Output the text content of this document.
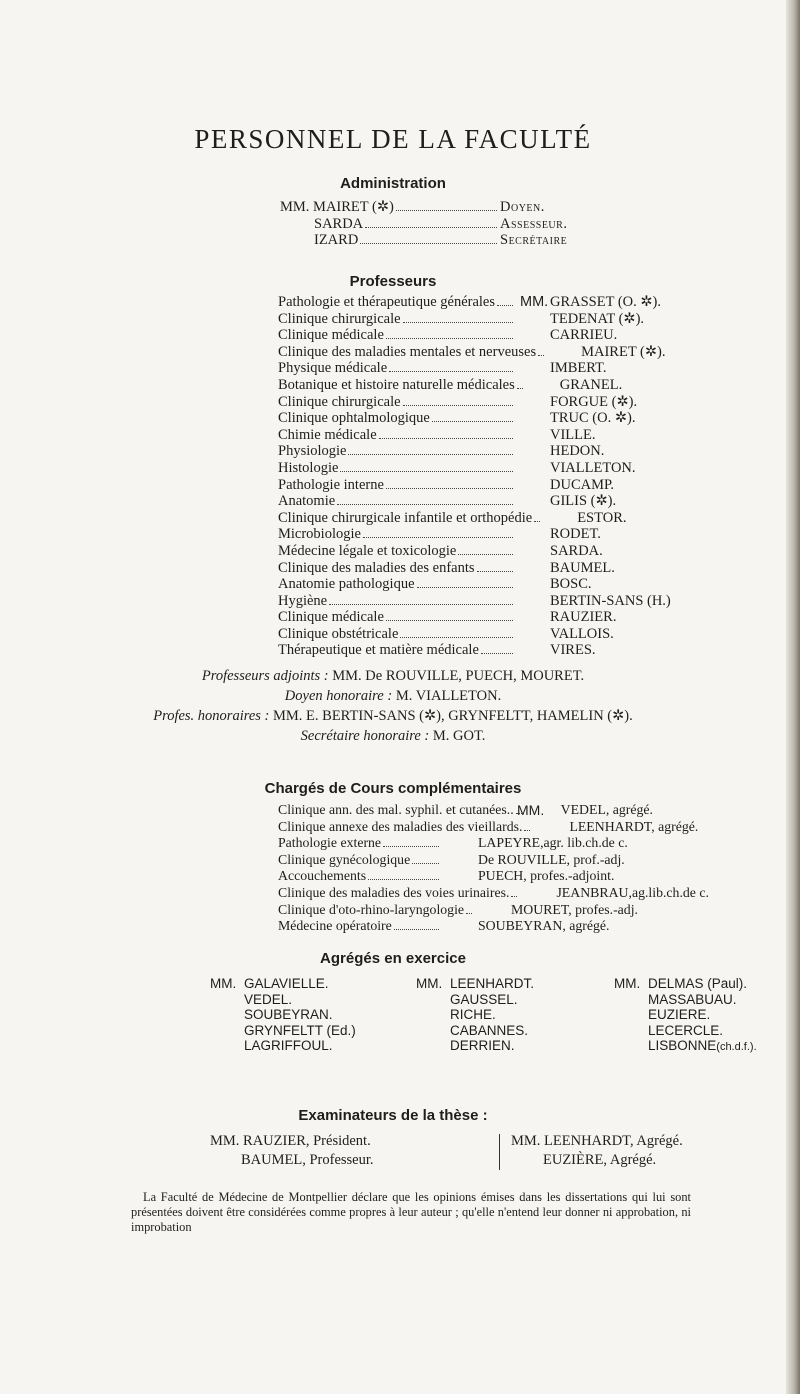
PERSONNEL DE LA FACULTÉ
Administration
MM. MAIRET (✲)	Doyen.
SARDA	Assesseur.
IZARD	Secrétaire
Professeurs
MM.
Pathologie et thérapeutique générales	GRASSET (O. ✲).
Clinique chirurgicale	TEDENAT (✲).
Clinique médicale	CARRIEU.
Clinique des maladies mentales et nerveuses	MAIRET (✲).
Physique médicale	IMBERT.
Botanique et histoire naturelle médicales	GRANEL.
Clinique chirurgicale	FORGUE (✲).
Clinique ophtalmologique	TRUC (O. ✲).
Chimie médicale	VILLE.
Physiologie	HEDON.
Histologie	VIALLETON.
Pathologie interne	DUCAMP.
Anatomie	GILIS (✲).
Clinique chirurgicale infantile et orthopédie	ESTOR.
Microbiologie	RODET.
Médecine légale et toxicologie	SARDA.
Clinique des maladies des enfants	BAUMEL.
Anatomie pathologique	BOSC.
Hygiène	BERTIN-SANS (H.)
Clinique médicale	RAUZIER.
Clinique obstétricale	VALLOIS.
Thérapeutique et matière médicale	VIRES.
Professeurs adjoints : MM. De ROUVILLE, PUECH, MOURET.
Doyen honoraire : M. VIALLETON.
Profes. honoraires : MM. E. BERTIN-SANS (✲), GRYNFELTT, HAMELIN (✲).
Secrétaire honoraire : M. GOT.
Chargés de Cours complémentaires
MM.
Clinique ann. des mal. syphil. et cutanées..	VEDEL, agrégé.
Clinique annexe des maladies des vieillards.	LEENHARDT, agrégé.
Pathologie externe	LAPEYRE,agr. lib.ch.de c.
Clinique gynécologique	De ROUVILLE, prof.-adj.
Accouchements	PUECH, profes.-adjoint.
Clinique des maladies des voies urinaires.	JEANBRAU,ag.lib.ch.de c.
Clinique d'oto-rhino-laryngologie	MOURET, profes.-adj.
Médecine opératoire	SOUBEYRAN, agrégé.
Agrégés en exercice
MM. GALAVIELLE.
VEDEL.
SOUBEYRAN.
GRYNFELTT (Ed.)
LAGRIFFOUL.
MM. LEENHARDT.
GAUSSEL.
RICHE.
CABANNES.
DERRIEN.
MM. DELMAS (Paul).
MASSABUAU.
EUZIERE.
LECERCLE.
LISBONNE(ch.d.f.).
Examinateurs de la thèse :
MM. RAUZIER, Président.
BAUMEL, Professeur.
MM. LEENHARDT, Agrégé.
EUZIÈRE, Agrégé.
La Faculté de Médecine de Montpellier déclare que les opinions émises dans les dissertations qui lui sont présentées doivent être considérées comme propres à leur auteur ; qu'elle n'entend leur donner ni approbation, ni improbation
